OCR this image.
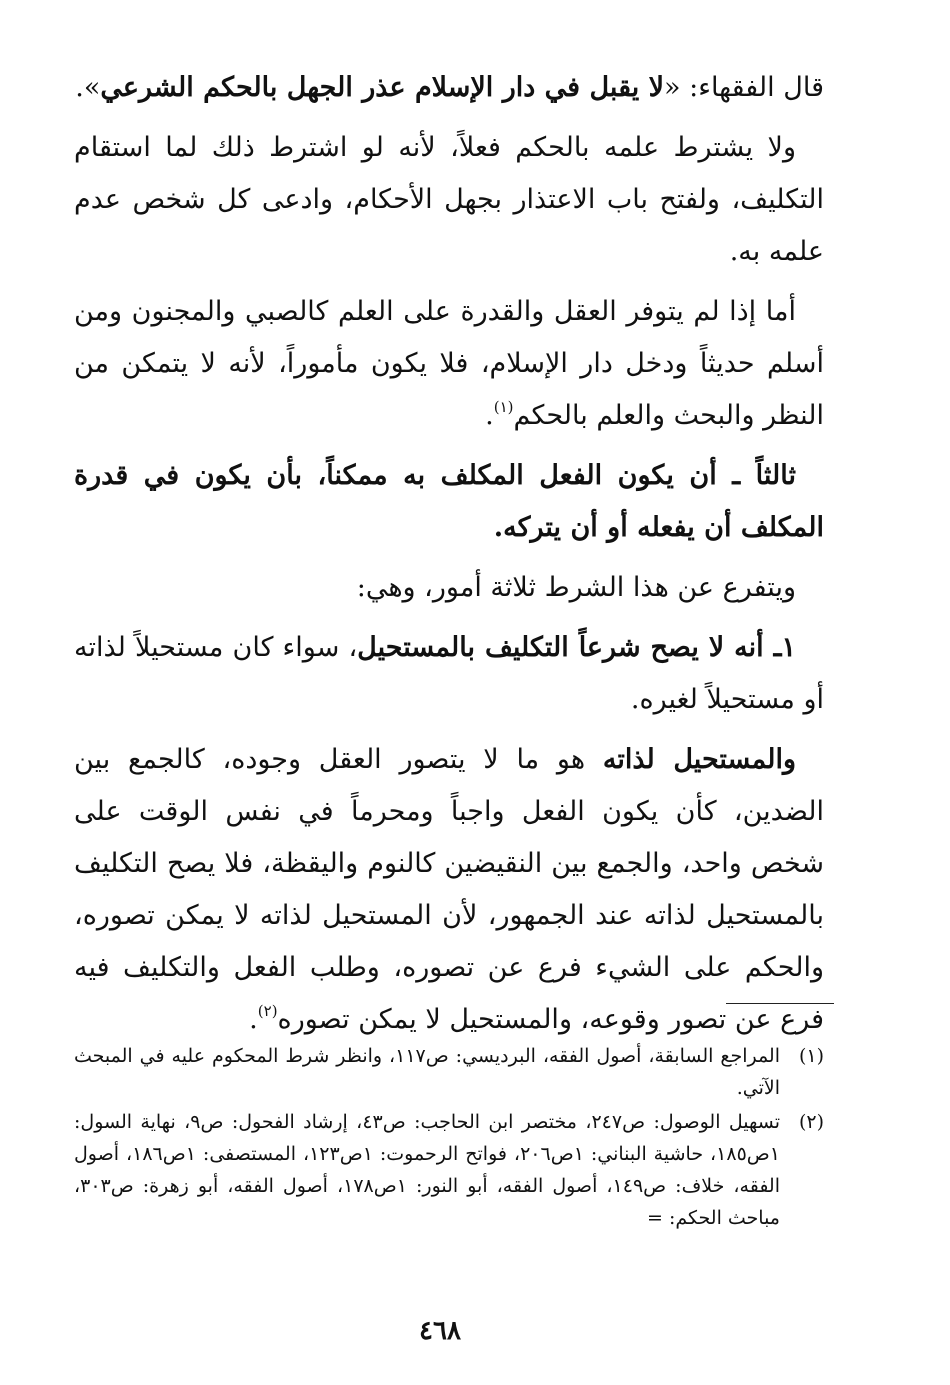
قال الفقهاء: «لا يقبل في دار الإسلام عذر الجهل بالحكم الشرعي».

ولا يشترط علمه بالحكم فعلاً، لأنه لو اشترط ذلك لما استقام التكليف، ولفتح باب الاعتذار بجهل الأحكام، وادعى كل شخص عدم علمه به.

أما إذا لم يتوفر العقل والقدرة على العلم كالصبي والمجنون ومن أسلم حديثاً ودخل دار الإسلام، فلا يكون مأموراً، لأنه لا يتمكن من النظر والبحث والعلم بالحكم$^{(١)}$.

ثالثاً ـ أن يكون الفعل المكلف به ممكناً، بأن يكون في قدرة المكلف أن يفعله أو أن يتركه.

ويتفرع عن هذا الشرط ثلاثة أمور، وهي:

١ـ أنه لا يصح شرعاً التكليف بالمستحيل، سواء كان مستحيلاً لذاته أو مستحيلاً لغيره.

والمستحيل لذاته هو ما لا يتصور العقل وجوده، كالجمع بين الضدين، كأن يكون الفعل واجباً ومحرماً في نفس الوقت على شخص واحد، والجمع بين النقيضين كالنوم واليقظة، فلا يصح التكليف بالمستحيل لذاته عند الجمهور، لأن المستحيل لذاته لا يمكن تصوره، والحكم على الشيء فرع عن تصوره، وطلب الفعل والتكليف فيه فرع عن تصور وقوعه، والمستحيل لا يمكن تصوره$^{(٢)}$.

(١)
المراجع السابقة، أصول الفقه، البرديسي: ص١١٧، وانظر شرط المحكوم عليه في المبحث الآتي.
(٢)
تسهيل الوصول: ص٢٤٧، مختصر ابن الحاجب: ص٤٣، إرشاد الفحول: ص٩، نهاية السول: ١ص١٨٥، حاشية البناني: ١ص٢٠٦، فواتح الرحموت: ١ص١٢٣، المستصفى: ١ص١٨٦، أصول الفقه، خلاف: ص١٤٩، أصول الفقه، أبو النور: ١ص١٧٨، أصول الفقه، أبو زهرة: ص٣٠٣، مباحث الحكم: =
٤٦٨
